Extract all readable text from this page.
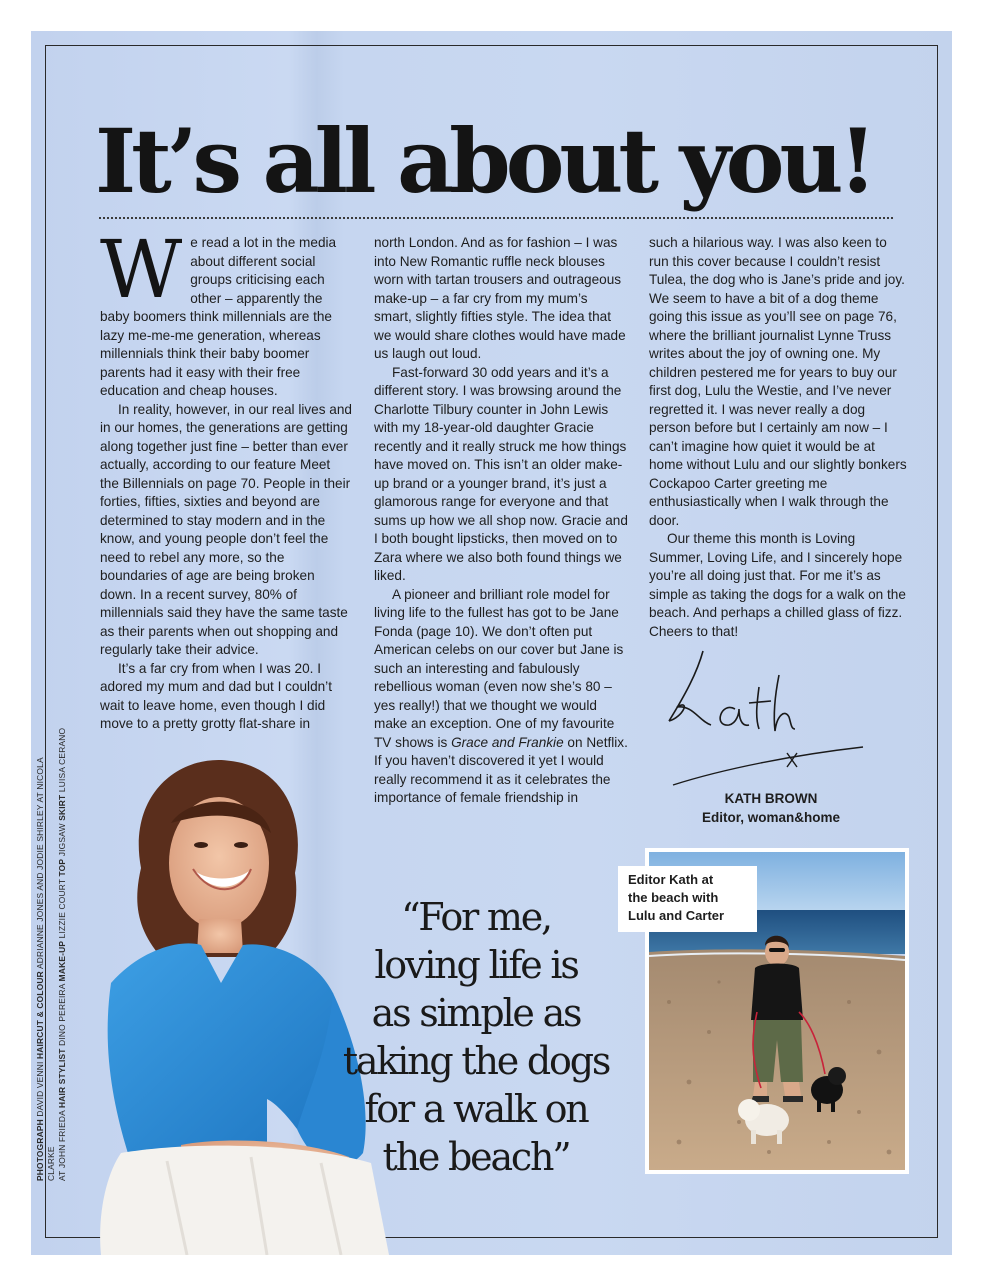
It’s all about you!

We read a lot in the media about different social groups criticising each other – apparently the baby boomers think millennials are the lazy me-me-me generation, whereas millennials think their baby boomer parents had it easy with their free education and cheap houses.

In reality, however, in our real lives and in our homes, the generations are getting along together just fine – better than ever actually, according to our feature Meet the Billennials on page 70. People in their forties, fifties, sixties and beyond are determined to stay modern and in the know, and young people don’t feel the need to rebel any more, so the boundaries of age are being broken down. In a recent survey, 80% of millennials said they have the same taste as their parents when out shopping and regularly take their advice.

It’s a far cry from when I was 20. I adored my mum and dad but I couldn’t wait to leave home, even though I did move to a pretty grotty flat-share in

north London. And as for fashion – I was into New Romantic ruffle neck blouses worn with tartan trousers and outrageous make-up – a far cry from my mum’s smart, slightly fifties style. The idea that we would share clothes would have made us laugh out loud.

Fast-forward 30 odd years and it’s a different story. I was browsing around the Charlotte Tilbury counter in John Lewis with my 18-year-old daughter Gracie recently and it really struck me how things have moved on. This isn’t an older make-up brand or a younger brand, it’s just a glamorous range for everyone and that sums up how we all shop now. Gracie and I both bought lipsticks, then moved on to Zara where we also both found things we liked.

A pioneer and brilliant role model for living life to the fullest has got to be Jane Fonda (page 10). We don’t often put American celebs on our cover but Jane is such an interesting and fabulously rebellious woman (even now she’s 80 – yes really!) that we thought we would make an exception. One of my favourite TV shows is Grace and Frankie on Netflix. If you haven’t discovered it yet I would really recommend it as it celebrates the importance of female friendship in

such a hilarious way. I was also keen to run this cover because I couldn’t resist Tulea, the dog who is Jane’s pride and joy. We seem to have a bit of a dog theme going this issue as you’ll see on page 76, where the brilliant journalist Lynne Truss writes about the joy of owning one. My children pestered me for years to buy our first dog, Lulu the Westie, and I’ve never regretted it. I was never really a dog person before but I certainly am now – I can’t imagine how quiet it would be at home without Lulu and our slightly bonkers Cockapoo Carter greeting me enthusiastically when I walk through the door.

Our theme this month is Loving Summer, Loving Life, and I sincerely hope you’re all doing just that. For me it’s as simple as taking the dogs for a walk on the beach. And perhaps a chilled glass of fizz. Cheers to that!

KATH BROWN
Editor, woman&home
“For me,
loving life is
as simple as
taking the dogs
for a walk on
the beach”
Editor Kath at
the beach with
Lulu and Carter
PHOTOGRAPH DAVID VENNI HAIRCUT & COLOUR ADRIANNE JONES AND JODIE SHIRLEY AT NICOLA CLARKE AT JOHN FRIEDA HAIR STYLIST DINO PEREIRA MAKE-UP LIZZIE COURT TOP JIGSAW SKIRT LUISA CERANO
